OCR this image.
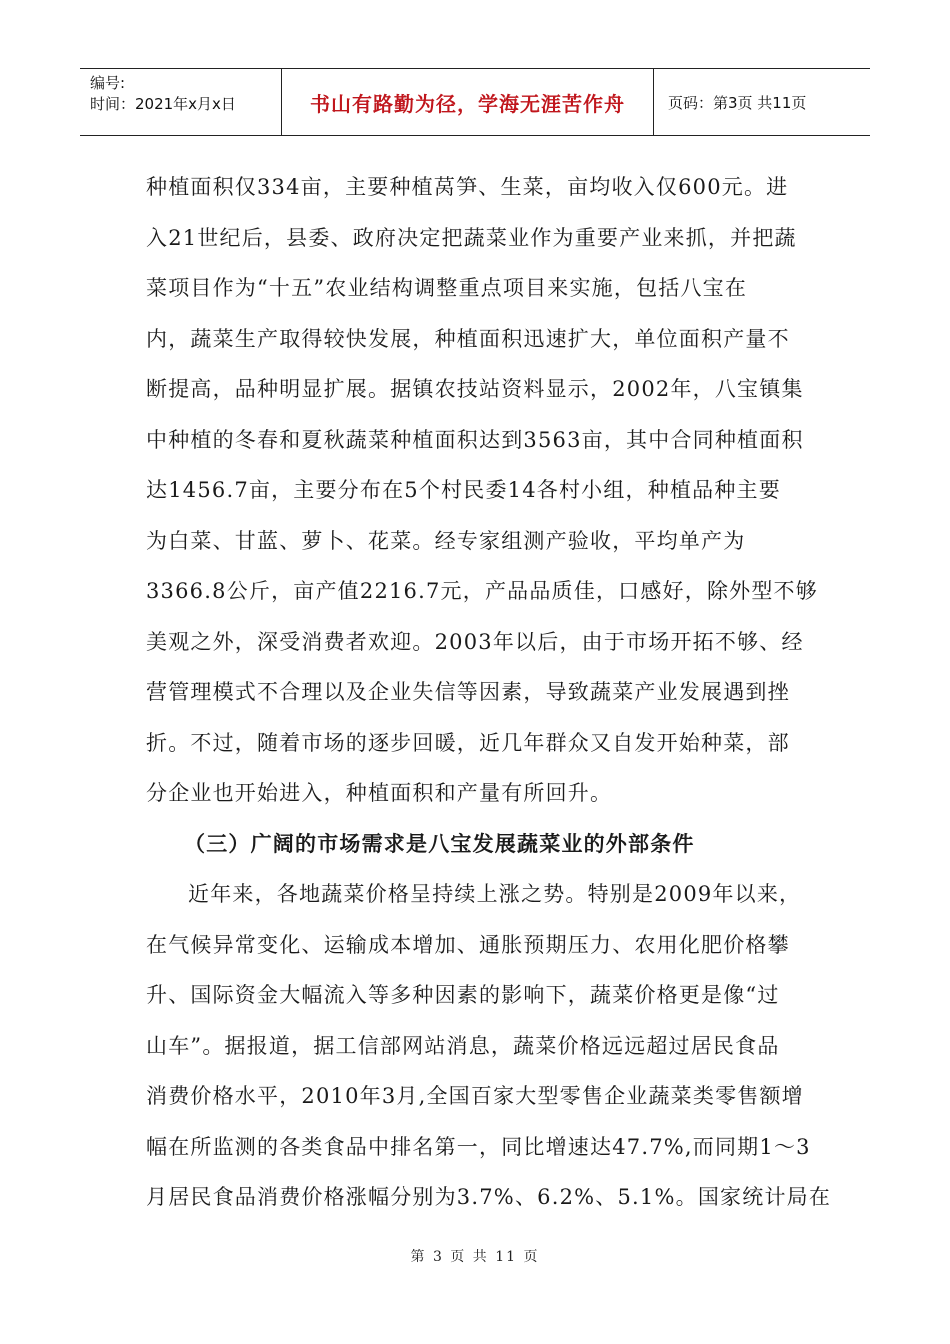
编号:
时间：2021年x月x日	书山有路勤为径，学海无涯苦作舟	页码：第3页 共11页
种植面积仅334亩，主要种植莴笋、生菜，亩均收入仅600元。进
入21世纪后，县委、政府决定把蔬菜业作为重要产业来抓，并把蔬
菜项目作为“十五”农业结构调整重点项目来实施，包括八宝在
内，蔬菜生产取得较快发展，种植面积迅速扩大，单位面积产量不
断提高，品种明显扩展。据镇农技站资料显示，2002年，八宝镇集
中种植的冬春和夏秋蔬菜种植面积达到3563亩，其中合同种植面积
达1456.7亩，主要分布在5个村民委14各村小组，种植品种主要
为白菜、甘蓝、萝卜、花菜。经专家组测产验收，平均单产为
3366.8公斤，亩产值2216.7元，产品品质佳，口感好，除外型不够
美观之外，深受消费者欢迎。2003年以后，由于市场开拓不够、经
营管理模式不合理以及企业失信等因素，导致蔬菜产业发展遇到挫
折。不过，随着市场的逐步回暖，近几年群众又自发开始种菜，部
分企业也开始进入，种植面积和产量有所回升。
（三）广阔的市场需求是八宝发展蔬菜业的外部条件
近年来，各地蔬菜价格呈持续上涨之势。特别是2009年以来，
在气候异常变化、运输成本增加、通胀预期压力、农用化肥价格攀
升、国际资金大幅流入等多种因素的影响下，蔬菜价格更是像“过
山车”。据报道，据工信部网站消息，蔬菜价格远远超过居民食品
消费价格水平，2010年3月,全国百家大型零售企业蔬菜类零售额增
幅在所监测的各类食品中排名第一，同比增速达47.7%,而同期1～3
月居民食品消费价格涨幅分别为3.7%、6.2%、5.1%。国家统计局在
第 3 页 共 11 页
